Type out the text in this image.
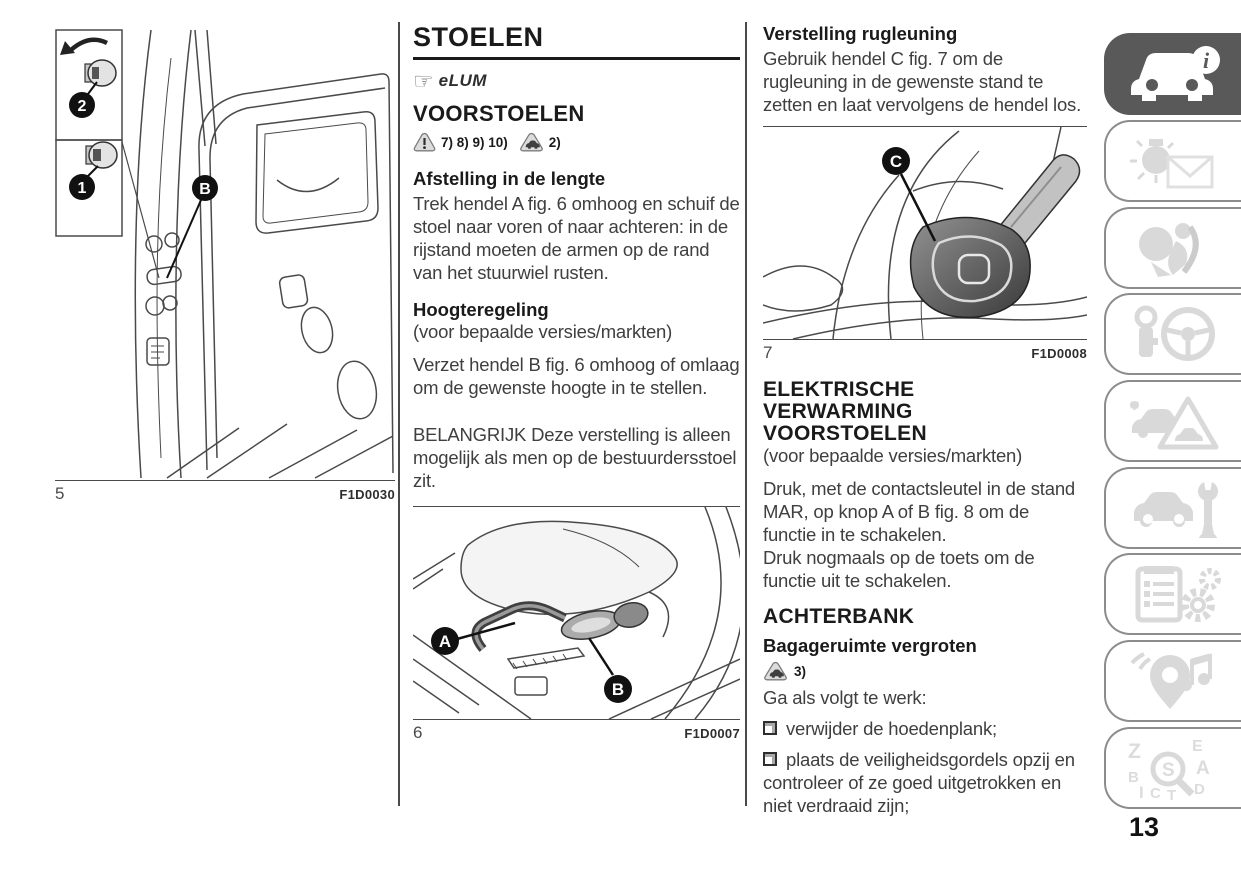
2
1	B
5	F1D0030
STOELEN
☞ eLUM
VOORSTOELEN
7) 8) 9) 10)	2)
Afstelling in de lengte

Trek hendel A fig. 6 omhoog en schuif de stoel naar voren of naar achteren: in de rijstand moeten de armen op de rand van het stuurwiel rusten.

Hoogteregeling

(voor bepaalde versies/markten)

Verzet hendel B fig. 6 omhoog of omlaag om de gewenste hoogte in te stellen.

BELANGRIJK Deze verstelling is alleen mogelijk als men op de bestuurdersstoel zit.

A
B
6	F1D0007
Verstelling rugleuning

Gebruik hendel C fig. 7 om de rugleuning in de gewenste stand te zetten en laat vervolgens de hendel los.

C
7	F1D0008
ELEKTRISCHE
VERWARMING
VOORSTOELEN

(voor bepaalde versies/markten)

Druk, met de contactsleutel in de stand MAR, op knop A of B fig. 8 om de functie in te schakelen.

Druk nogmaals op de toets om de functie uit te schakelen.

ACHTERBANK
Bagageruimte vergroten
3)

Ga als volgt te werk:

verwijder de hoedenplank;

plaats de veiligheidsgordels opzij en controleer of ze goed uitgetrokken en niet verdraaid zijn;

i
Z	E
B	A
I C T D
S
13
